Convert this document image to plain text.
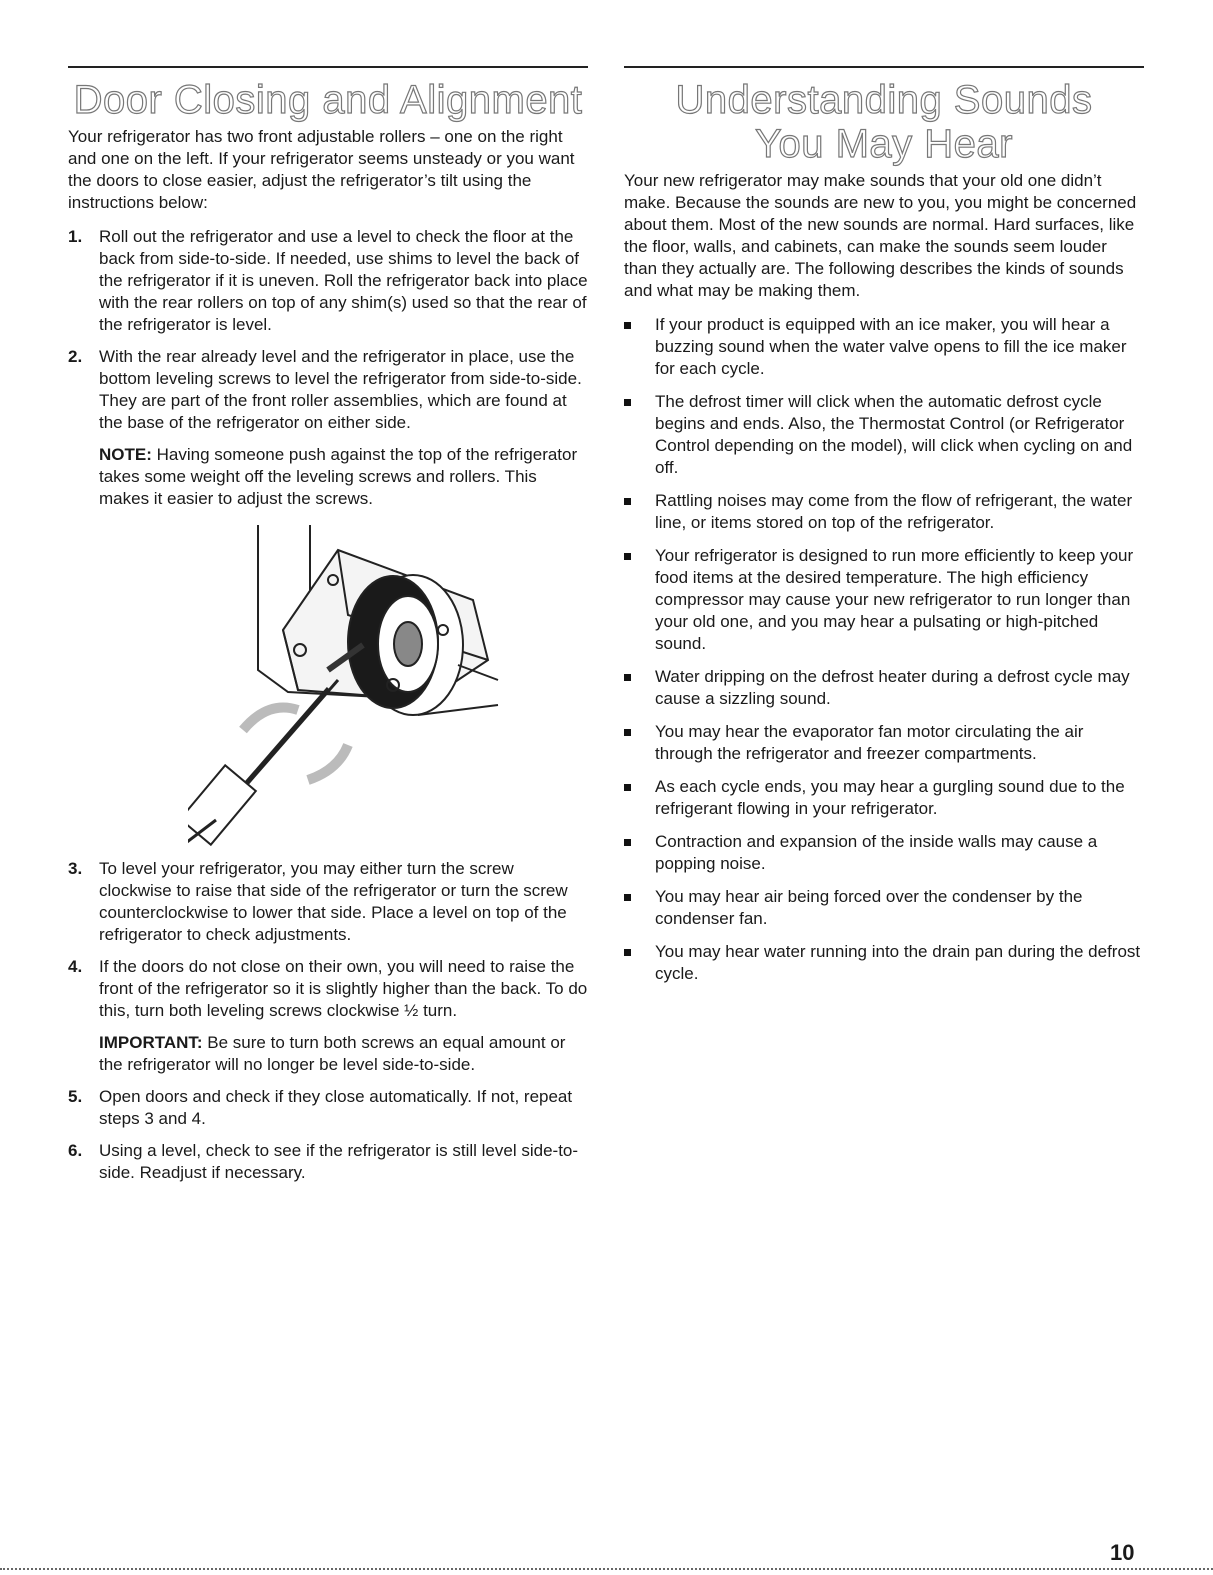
Door Closing and Alignment

Your refrigerator has two front adjustable rollers – one on the right and one on the left. If your refrigerator seems unsteady or you want the doors to close easier, adjust the refrigerator’s tilt using the instructions below:

1. Roll out the refrigerator and use a level to check the floor at the back from side-to-side. If needed, use shims to level the back of the refrigerator if it is uneven. Roll the refrigerator back into place with the rear rollers on top of any shim(s) used so that the rear of the refrigerator is level.
2. With the rear already level and the refrigerator in place, use the bottom leveling screws to level the refrigerator from side-to-side. They are part of the front roller assemblies, which are found at the base of the refrigerator on either side.

NOTE: Having someone push against the top of the refrigerator takes some weight off the leveling screws and rollers. This makes it easier to adjust the screws.

3. To level your refrigerator, you may either turn the screw clockwise to raise that side of the refrigerator or turn the screw counterclockwise to lower that side. Place a level on top of the refrigerator to check adjustments.
4. If the doors do not close on their own, you will need to raise the front of the refrigerator so it is slightly higher than the back. To do this, turn both leveling screws clockwise ½ turn.

IMPORTANT: Be sure to turn both screws an equal amount or the refrigerator will no longer be level side-to-side.

5. Open doors and check if they close automatically. If not, repeat steps 3 and 4.
6. Using a level, check to see if the refrigerator is still level side-to-side. Readjust if necessary.
Understanding Sounds
You May Hear

Your new refrigerator may make sounds that your old one didn’t make. Because the sounds are new to you, you might be concerned about them. Most of the new sounds are normal. Hard surfaces, like the floor, walls, and cabinets, can make the sounds seem louder than they actually are. The following describes the kinds of sounds and what may be making them.

If your product is equipped with an ice maker, you will hear a buzzing sound when the water valve opens to fill the ice maker for each cycle.
The defrost timer will click when the automatic defrost cycle begins and ends. Also, the Thermostat Control (or Refrigerator Control depending on the model), will click when cycling on and off.
Rattling noises may come from the flow of refrigerant, the water line, or items stored on top of the refrigerator.
Your refrigerator is designed to run more efficiently to keep your food items at the desired temperature. The high efficiency compressor may cause your new refrigerator to run longer than your old one, and you may hear a pulsating or high-pitched sound.
Water dripping on the defrost heater during a defrost cycle may cause a sizzling sound.
You may hear the evaporator fan motor circulating the air through the refrigerator and freezer compartments.
As each cycle ends, you may hear a gurgling sound due to the refrigerant flowing in your refrigerator.
Contraction and expansion of the inside walls may cause a popping noise.
You may hear air being forced over the condenser by the condenser fan.
You may hear water running into the drain pan during the defrost cycle.
10
